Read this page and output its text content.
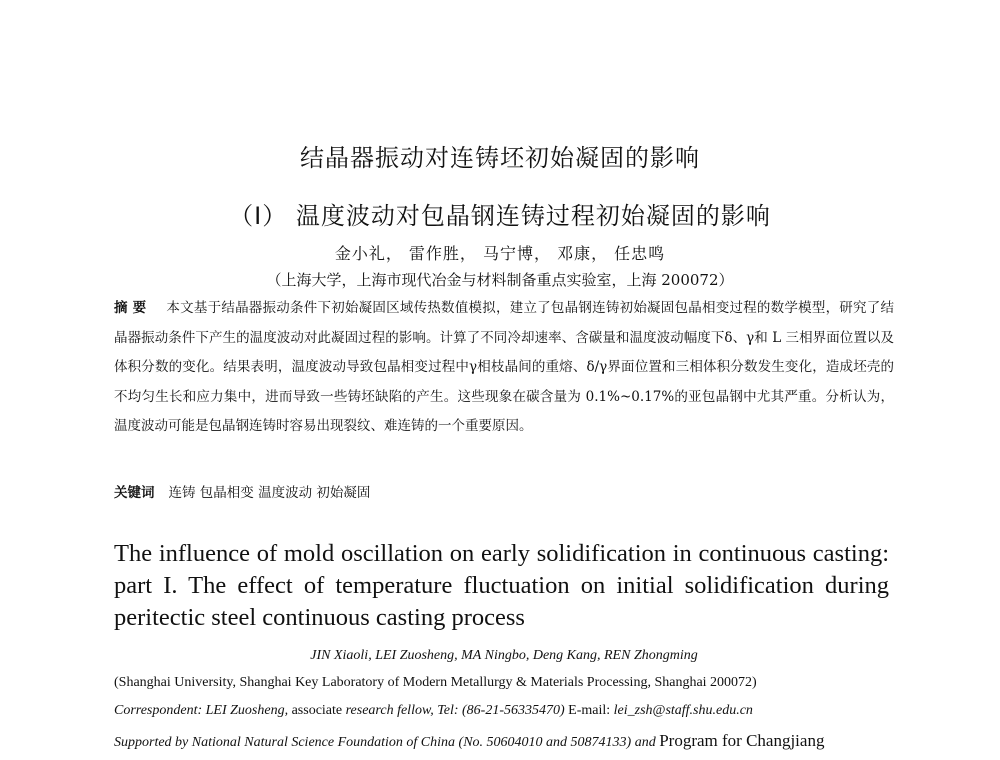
结晶器振动对连铸坯初始凝固的影响
（Ⅰ） 温度波动对包晶钢连铸过程初始凝固的影响
金小礼， 雷作胜， 马宁博， 邓康， 任忠鸣
（上海大学，上海市现代冶金与材料制备重点实验室，上海 200072）
摘 要 本文基于结晶器振动条件下初始凝固区域传热数值模拟，建立了包晶钢连铸初始凝固包晶相变过程的数学模型，研究了结晶器振动条件下产生的温度波动对此凝固过程的影响。计算了不同冷却速率、含碳量和温度波动幅度下δ、γ和 L 三相界面位置以及体积分数的变化。结果表明，温度波动导致包晶相变过程中γ相枝晶间的重熔、δ/γ界面位置和三相体积分数发生变化，造成坯壳的不均匀生长和应力集中，进而导致一些铸坯缺陷的产生。这些现象在碳含量为 0.1%~0.17%的亚包晶钢中尤其严重。分析认为，温度波动可能是包晶钢连铸时容易出现裂纹、难连铸的一个重要原因。
关键词 连铸 包晶相变 温度波动 初始凝固
The influence of mold oscillation on early solidification in continuous casting: part I. The effect of temperature fluctuation on initial solidification during peritectic steel continuous casting process
JIN Xiaoli, LEI Zuosheng, MA Ningbo, Deng Kang, REN Zhongming
(Shanghai University, Shanghai Key Laboratory of Modern Metallurgy & Materials Processing, Shanghai 200072)
Correspondent: LEI Zuosheng, associate research fellow, Tel: (86-21-56335470) E-mail: lei_zsh@staff.shu.edu.cn
Supported by National Natural Science Foundation of China (No. 50604010 and 50874133) and Program for Changjiang
